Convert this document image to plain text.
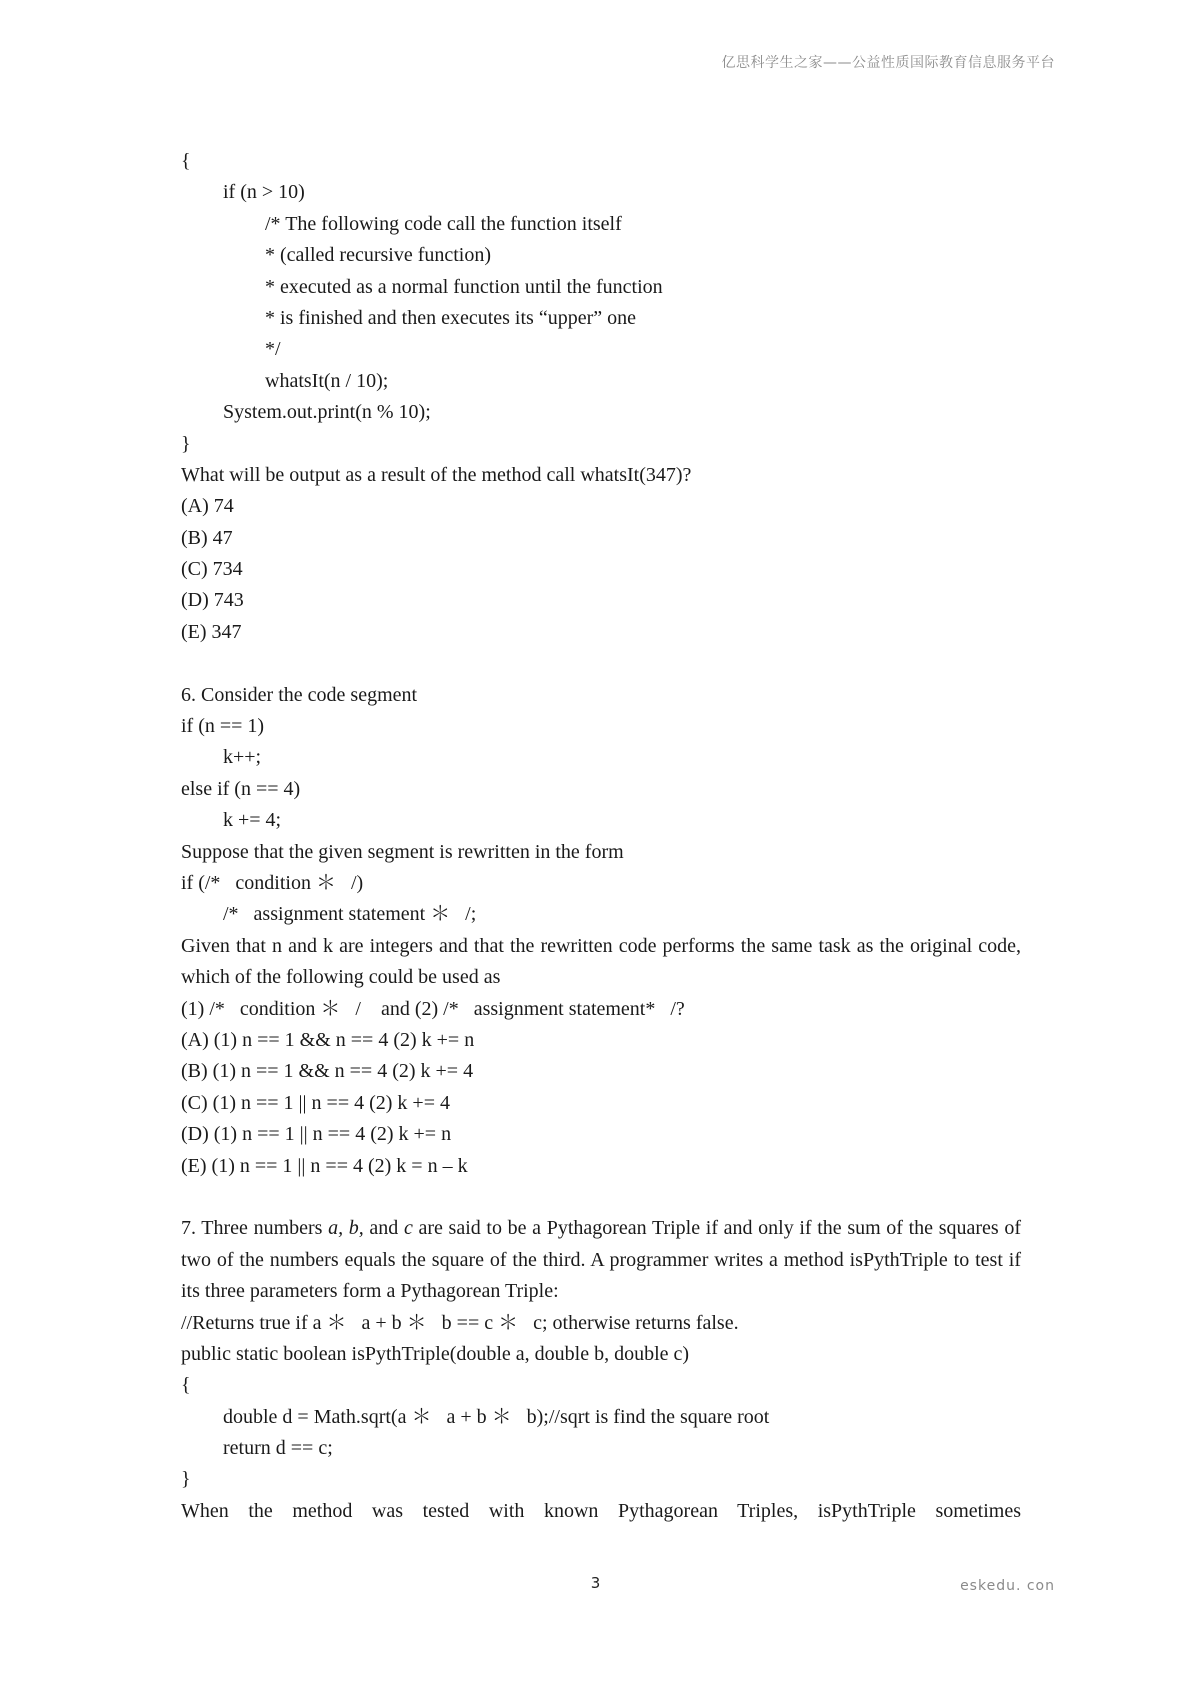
亿思科学生之家——公益性质国际教育信息服务平台
{
if (n > 10)
/* The following code call the function itself
* (called recursive function)
* executed as a normal function until the function
* is finished and then executes its “upper” one
*/
whatsIt(n / 10);
System.out.print(n % 10);
}
What will be output as a result of the method call whatsIt(347)?
(A) 74
(B) 47
(C) 734
(D) 743
(E) 347
6. Consider the code segment
if (n == 1)
k++;
else if (n == 4)
k += 4;
Suppose that the given segment is rewritten in the form
if (/*   condition ＊   /)
/*   assignment statement ＊   /;
Given that n and k are integers and that the rewritten code performs the same task as the original code, which of the following could be used as
(1) /*   condition ＊   /    and (2) /*   assignment statement*   /?
(A) (1) n == 1 && n == 4 (2) k += n
(B) (1) n == 1 && n == 4 (2) k += 4
(C) (1) n == 1 || n == 4 (2) k += 4
(D) (1) n == 1 || n == 4 (2) k += n
(E) (1) n == 1 || n == 4 (2) k = n – k
7. Three numbers a, b, and c are said to be a Pythagorean Triple if and only if the sum of the squares of two of the numbers equals the square of the third. A programmer writes a method isPythTriple to test if its three parameters form a Pythagorean Triple:
//Returns true if a ＊   a + b ＊   b == c ＊   c; otherwise returns false.
public static boolean isPythTriple(double a, double b, double c)
{
double d = Math.sqrt(a ＊   a + b ＊   b);//sqrt is find the square root
return d == c;
}
When the method was tested with known Pythagorean Triples, isPythTriple sometimes
3	eskedu. con
